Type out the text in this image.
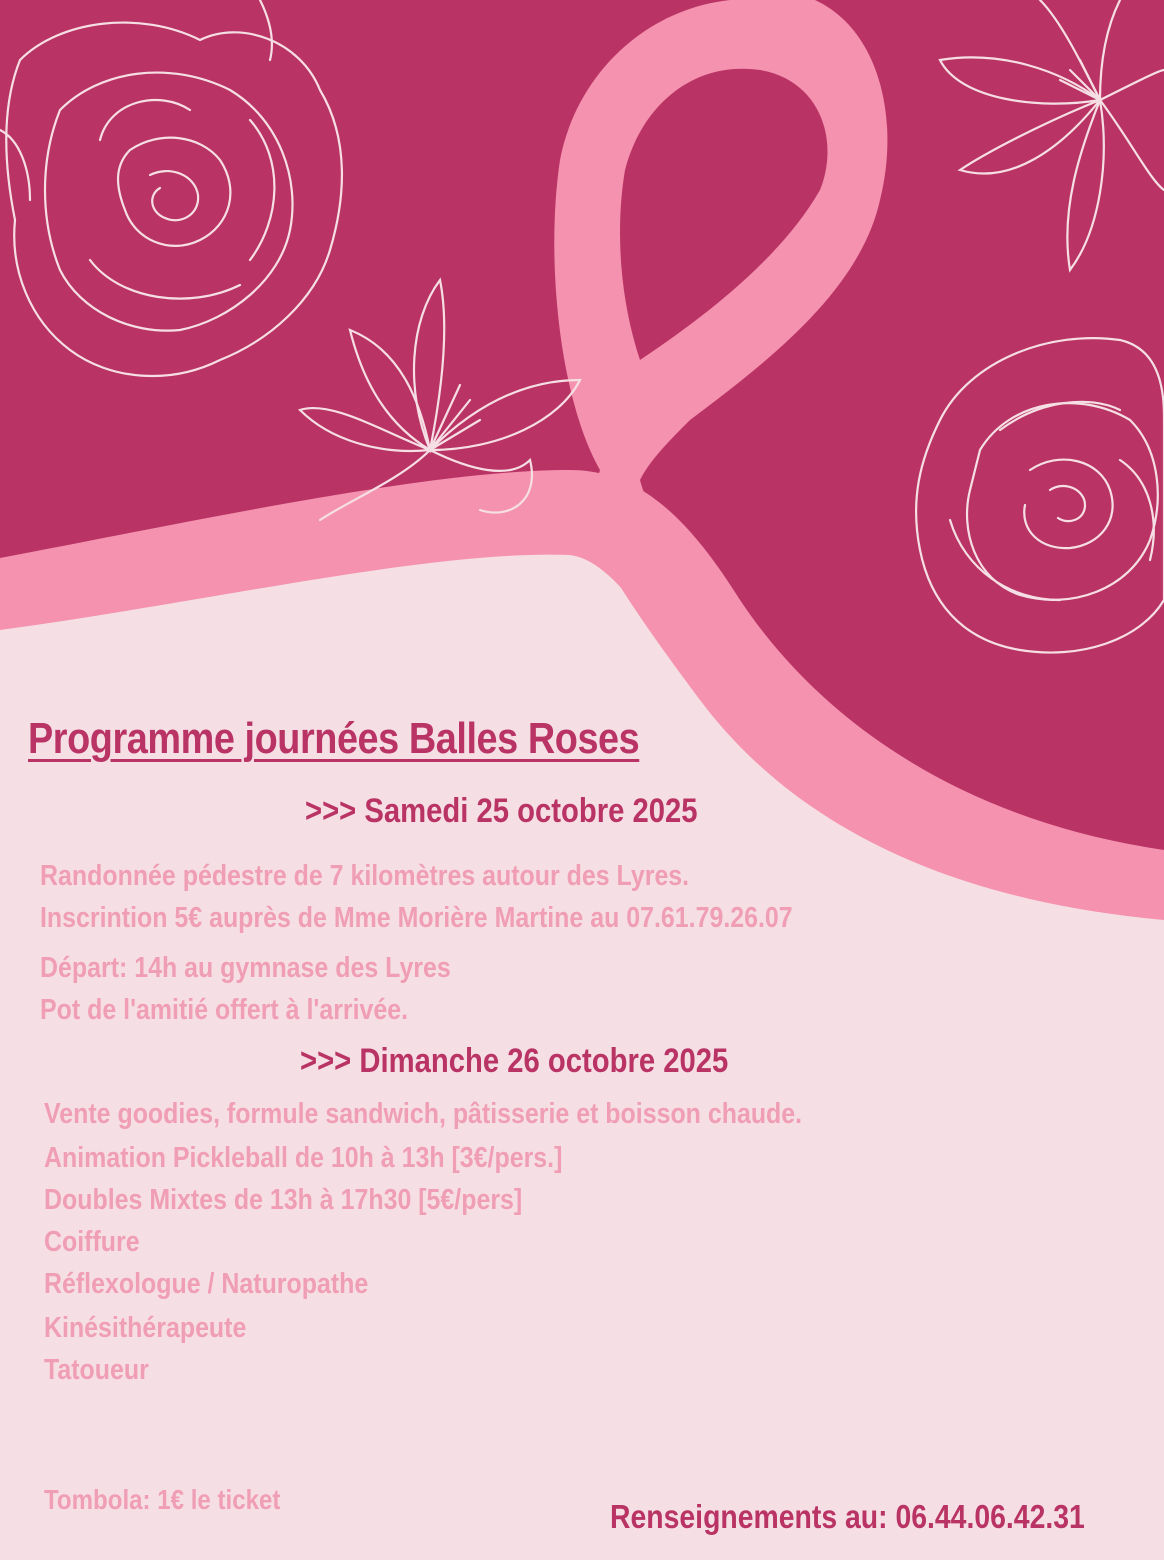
Programme journées Balles Roses
>>> Samedi 25 octobre 2025

Randonnée pédestre de 7 kilomètres autour des Lyres.

Inscrintion 5€ auprès de Mme Morière Martine au 07.61.79.26.07

Départ: 14h au gymnase des Lyres

Pot de l'amitié offert à l'arrivée.

>>> Dimanche 26 octobre 2025

Vente goodies, formule sandwich, pâtisserie et boisson chaude.

Animation Pickleball de 10h à 13h [3€/pers.]

Doubles Mixtes de 13h à 17h30 [5€/pers]

Coiffure

Réflexologue / Naturopathe

Kinésithérapeute

Tatoueur

Tombola: 1€ le ticket	Renseignements au: 06.44.06.42.31
